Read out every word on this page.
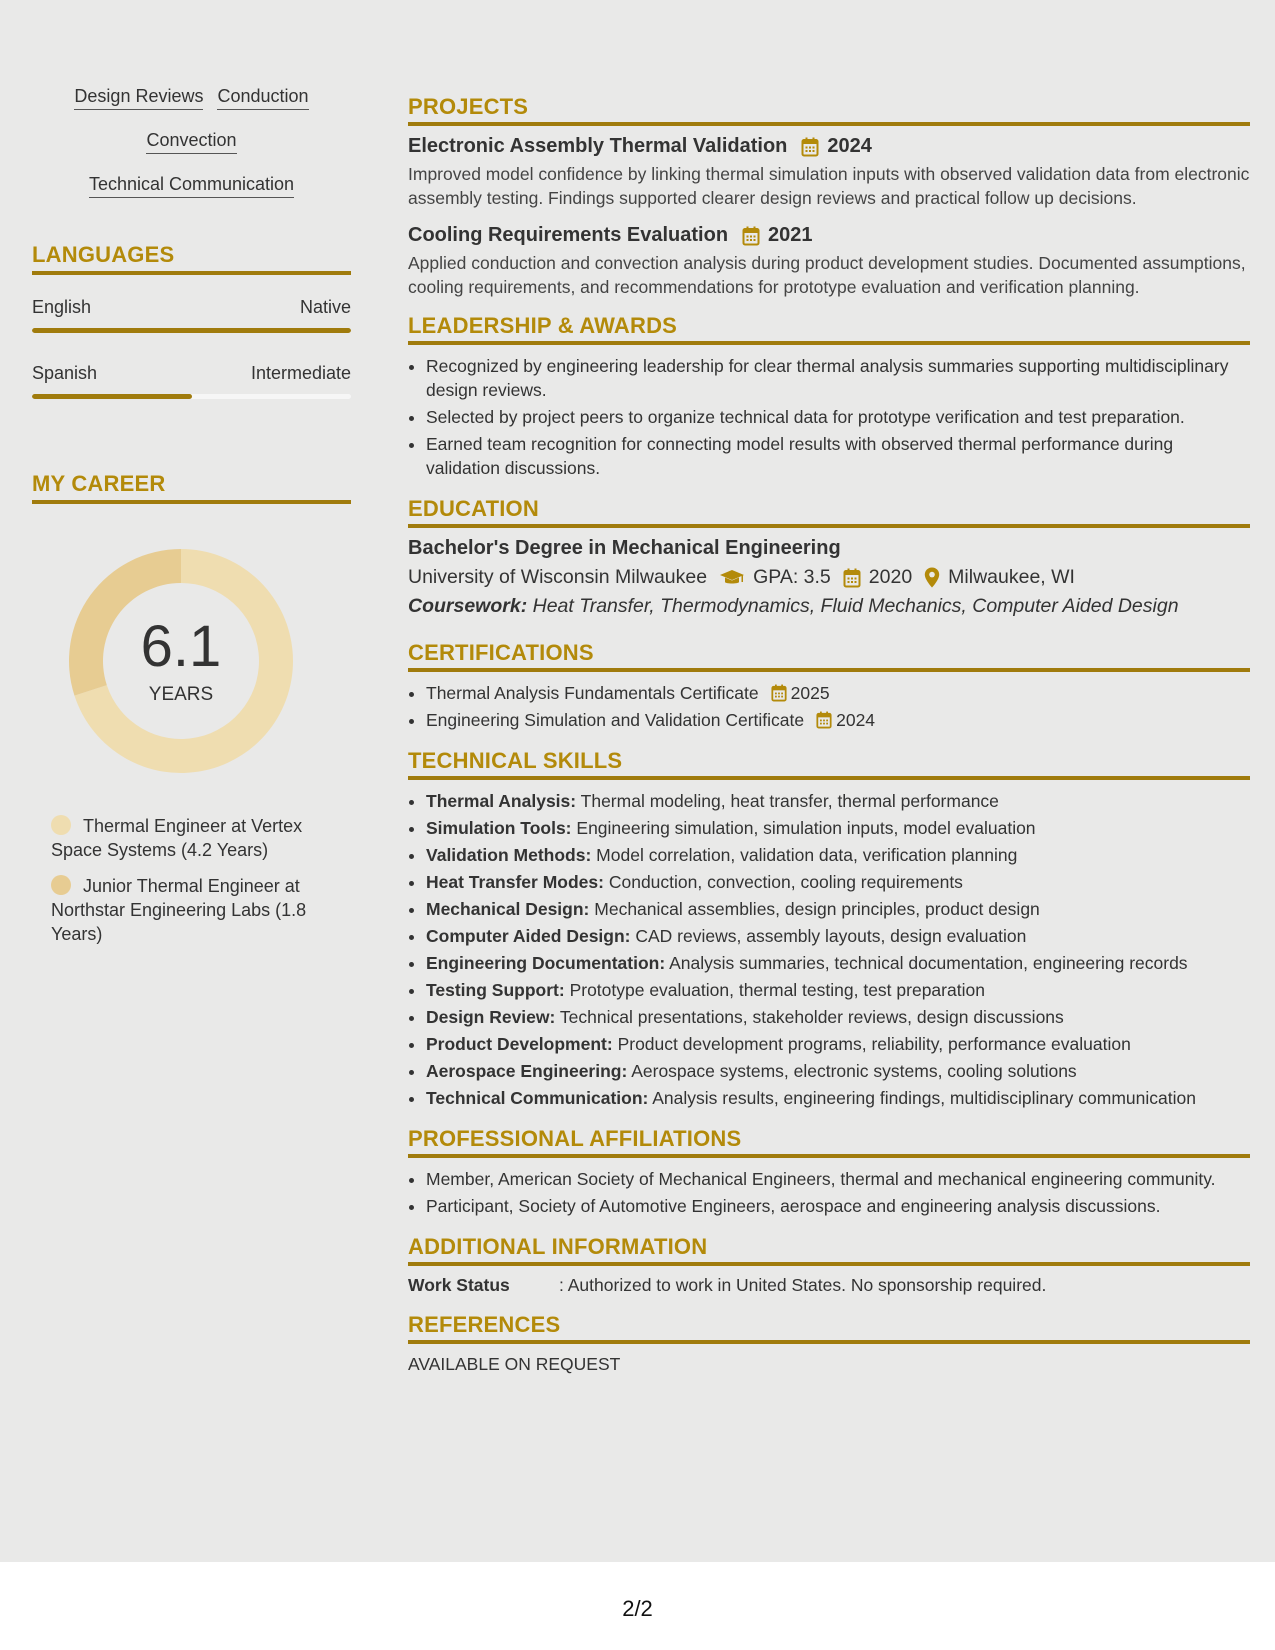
Design Reviews Conduction
Convection
Technical Communication
LANGUAGES
English	Native
Spanish	Intermediate
MY CAREER
6.1
YEARS
Thermal Engineer at Vertex Space Systems (4.2 Years)
Junior Thermal Engineer at Northstar Engineering Labs (1.8 Years)
PROJECTS
Electronic Assembly Thermal Validation 2024
Improved model confidence by linking thermal simulation inputs with observed validation data from electronic assembly testing. Findings supported clearer design reviews and practical follow up decisions.
Cooling Requirements Evaluation 2021
Applied conduction and convection analysis during product development studies. Documented assumptions, cooling requirements, and recommendations for prototype evaluation and verification planning.
LEADERSHIP & AWARDS
• Recognized by engineering leadership for clear thermal analysis summaries supporting multidisciplinary design reviews.
• Selected by project peers to organize technical data for prototype verification and test preparation.
• Earned team recognition for connecting model results with observed thermal performance during validation discussions.
EDUCATION
Bachelor's Degree in Mechanical Engineering
University of Wisconsin Milwaukee GPA: 3.5 2020 Milwaukee, WI
Coursework: Heat Transfer, Thermodynamics, Fluid Mechanics, Computer Aided Design
CERTIFICATIONS
• Thermal Analysis Fundamentals Certificate 2025
• Engineering Simulation and Validation Certificate 2024
TECHNICAL SKILLS
• Thermal Analysis: Thermal modeling, heat transfer, thermal performance
• Simulation Tools: Engineering simulation, simulation inputs, model evaluation
• Validation Methods: Model correlation, validation data, verification planning
• Heat Transfer Modes: Conduction, convection, cooling requirements
• Mechanical Design: Mechanical assemblies, design principles, product design
• Computer Aided Design: CAD reviews, assembly layouts, design evaluation
• Engineering Documentation: Analysis summaries, technical documentation, engineering records
• Testing Support: Prototype evaluation, thermal testing, test preparation
• Design Review: Technical presentations, stakeholder reviews, design discussions
• Product Development: Product development programs, reliability, performance evaluation
• Aerospace Engineering: Aerospace systems, electronic systems, cooling solutions
• Technical Communication: Analysis results, engineering findings, multidisciplinary communication
PROFESSIONAL AFFILIATIONS
• Member, American Society of Mechanical Engineers, thermal and mechanical engineering community.
• Participant, Society of Automotive Engineers, aerospace and engineering analysis discussions.
ADDITIONAL INFORMATION
Work Status	: Authorized to work in United States. No sponsorship required.
REFERENCES
AVAILABLE ON REQUEST
2/2
